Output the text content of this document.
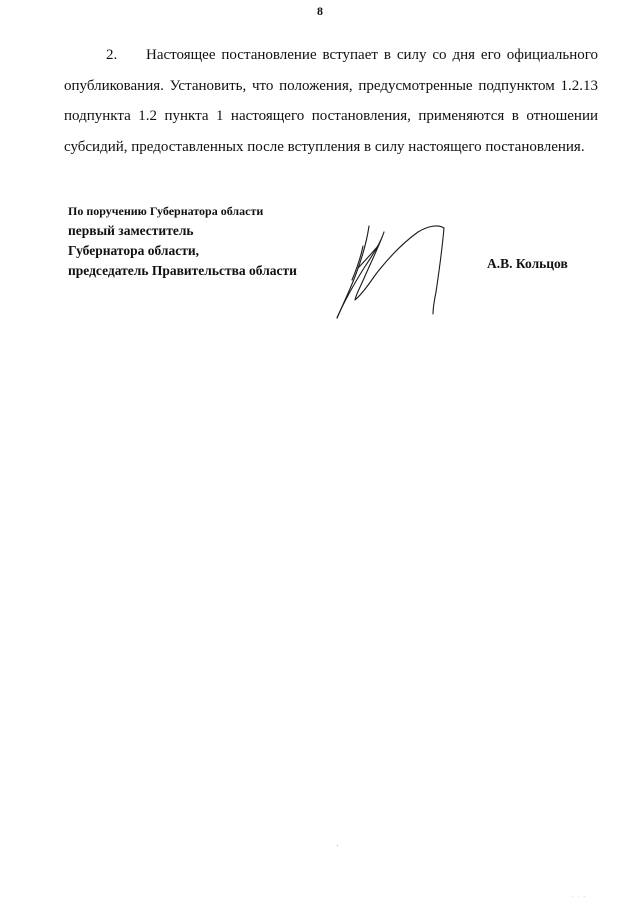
8
2. Настоящее постановление вступает в силу со дня его официального опубликования. Установить, что положения, предусмотренные подпунктом 1.2.13 подпункта 1.2 пункта 1 настоящего постановления, применяются в отношении субсидий, предоставленных после вступления в силу настоящего постановления.
По поручению Губернатора области
первый заместитель
Губернатора области,
председатель Правительства области	А.В. Кольцов
· · ·
